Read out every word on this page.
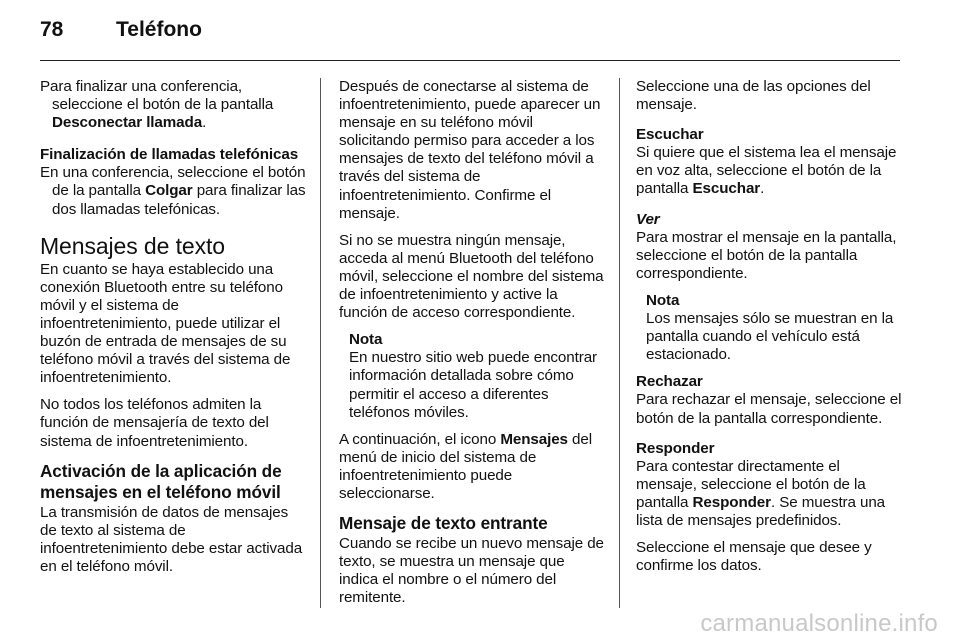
78	Teléfono

Para finalizar una conferencia, seleccione el botón de la pantalla
Desconectar llamada.

Finalización de llamadas telefónicas

En una conferencia, seleccione el botón de la pantalla Colgar para finalizar las dos llamadas telefónicas.

Mensajes de texto

En cuanto se haya establecido una conexión Bluetooth entre su teléfono móvil y el sistema de infoentretenimiento, puede utilizar el buzón de entrada de mensajes de su teléfono móvil a través del sistema de infoentretenimiento.

No todos los teléfonos admiten la función de mensajería de texto del sistema de infoentretenimiento.

Activación de la aplicación de mensajes en el teléfono móvil

La transmisión de datos de mensajes de texto al sistema de infoentretenimiento debe estar activada en el teléfono móvil.

Después de conectarse al sistema de infoentretenimiento, puede aparecer un mensaje en su teléfono móvil solicitando permiso para acceder a los mensajes de texto del teléfono móvil a través del sistema de infoentretenimiento. Confirme el mensaje.

Si no se muestra ningún mensaje, acceda al menú Bluetooth del teléfono móvil, seleccione el nombre del sistema de infoentretenimiento y active la función de acceso correspondiente.

Nota
En nuestro sitio web puede encontrar información detallada sobre cómo permitir el acceso a diferentes teléfonos móviles.

A continuación, el icono Mensajes del menú de inicio del sistema de infoentretenimiento puede seleccionarse.

Mensaje de texto entrante

Cuando se recibe un nuevo mensaje de texto, se muestra un mensaje que indica el nombre o el número del remitente.

Seleccione una de las opciones del mensaje.

Escuchar
Si quiere que el sistema lea el mensaje en voz alta, seleccione el botón de la pantalla Escuchar.
Ver
Para mostrar el mensaje en la pantalla, seleccione el botón de la pantalla correspondiente.
Nota
Los mensajes sólo se muestran en la pantalla cuando el vehículo está estacionado.
Rechazar
Para rechazar el mensaje, seleccione el botón de la pantalla correspondiente.
Responder
Para contestar directamente el mensaje, seleccione el botón de la pantalla Responder. Se muestra una lista de mensajes predefinidos.

Seleccione el mensaje que desee y confirme los datos.

carmanualsonline.info
